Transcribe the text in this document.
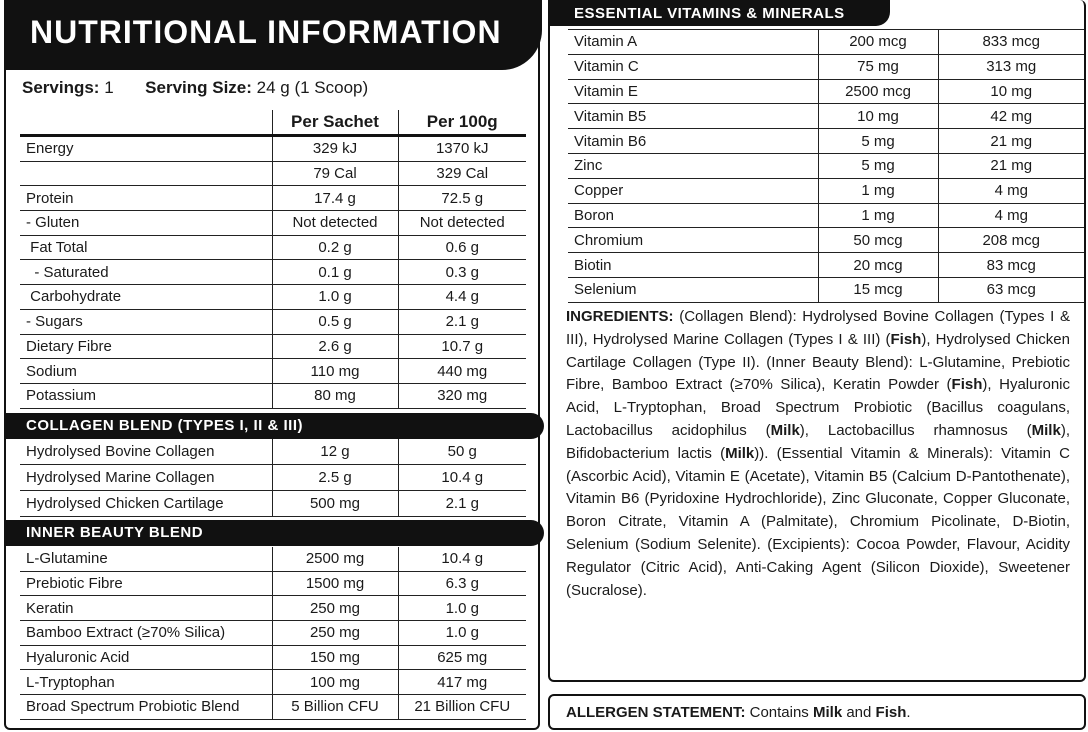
NUTRITIONAL INFORMATION
Servings: 1 Serving Size: 24 g (1 Scoop)
	Per Sachet	Per 100g
Energy	329 kJ	1370 kJ
	79 Cal	329 Cal
Protein	17.4 g	72.5 g
- Gluten	Not detected	Not detected
Fat Total	0.2 g	0.6 g
- Saturated	0.1 g	0.3 g
Carbohydrate	1.0 g	4.4 g
- Sugars	0.5 g	2.1 g
Dietary Fibre	2.6 g	10.7 g
Sodium	110 mg	440 mg
Potassium	80 mg	320 mg
COLLAGEN BLEND (TYPES I, II & III)
Hydrolysed Bovine Collagen	12 g	50 g
Hydrolysed Marine Collagen	2.5 g	10.4 g
Hydrolysed Chicken Cartilage	500 mg	2.1 g
INNER BEAUTY BLEND
L-Glutamine	2500 mg	10.4 g
Prebiotic Fibre	1500 mg	6.3 g
Keratin	250 mg	1.0 g
Bamboo Extract (≥70% Silica)	250 mg	1.0 g
Hyaluronic Acid	150 mg	625 mg
L-Tryptophan	100 mg	417 mg
Broad Spectrum Probiotic Blend	5 Billion CFU	21 Billion CFU
ESSENTIAL VITAMINS & MINERALS
Vitamin A	200 mcg	833 mcg
Vitamin C	75 mg	313 mg
Vitamin E	2500 mcg	10 mg
Vitamin B5	10 mg	42 mg
Vitamin B6	5 mg	21 mg
Zinc	5 mg	21 mg
Copper	1 mg	4 mg
Boron	1 mg	4 mg
Chromium	50 mcg	208 mcg
Biotin	20 mcg	83 mcg
Selenium	15 mcg	63 mcg
INGREDIENTS: (Collagen Blend): Hydrolysed Bovine Collagen (Types I & III), Hydrolysed Marine Collagen (Types I & III) (Fish), Hydrolysed Chicken Cartilage Collagen (Type II). (Inner Beauty Blend): L-Glutamine, Prebiotic Fibre, Bamboo Extract (≥70% Silica), Keratin Powder (Fish), Hyaluronic Acid, L-Tryptophan, Broad Spectrum Probiotic (Bacillus coagulans, Lactobacillus acidophilus (Milk), Lactobacillus rhamnosus (Milk), Bifidobacterium lactis (Milk)). (Essential Vitamin & Minerals): Vitamin C (Ascorbic Acid), Vitamin E (Acetate), Vitamin B5 (Calcium D-Pantothenate), Vitamin B6 (Pyridoxine Hydrochloride), Zinc Gluconate, Copper Gluconate, Boron Citrate, Vitamin A (Palmitate), Chromium Picolinate, D-Biotin, Selenium (Sodium Selenite). (Excipients): Cocoa Powder, Flavour, Acidity Regulator (Citric Acid), Anti-Caking Agent (Silicon Dioxide), Sweetener (Sucralose).
ALLERGEN STATEMENT: Contains Milk and Fish.
